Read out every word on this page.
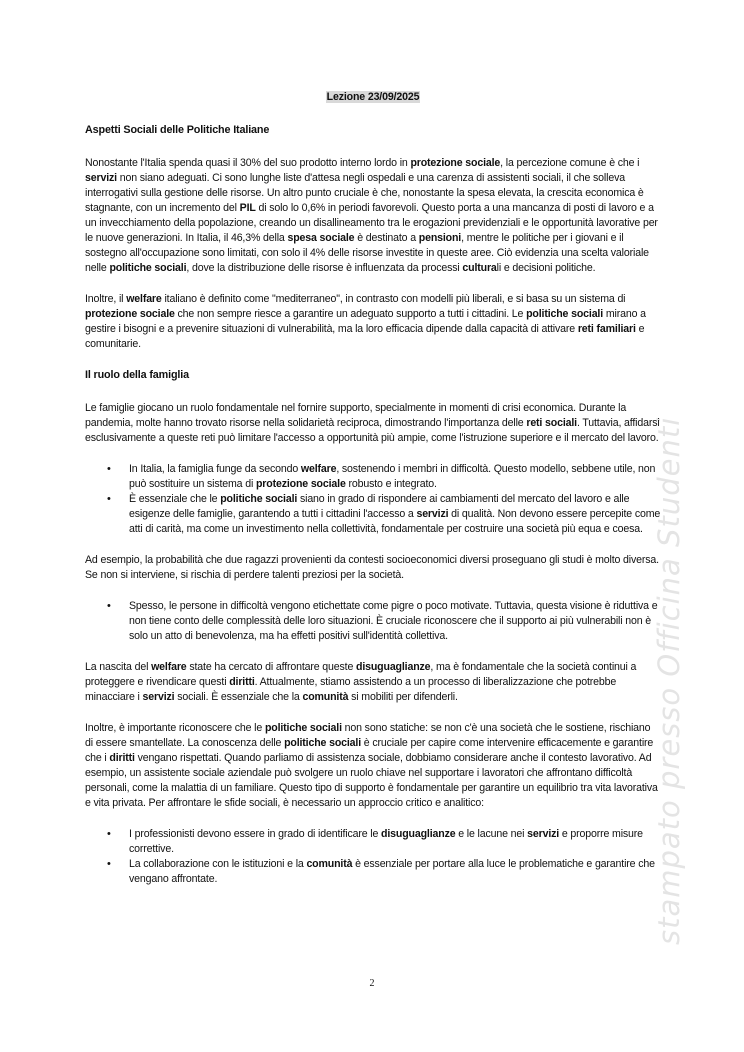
stampato presso Officina Studenti
Lezione 23/09/2025
Aspetti Sociali delle Politiche Italiane

Nonostante l'Italia spenda quasi il 30% del suo prodotto interno lordo in protezione sociale, la percezione comune è che i servizi non siano adeguati. Ci sono lunghe liste d'attesa negli ospedali e una carenza di assistenti sociali, il che solleva interrogativi sulla gestione delle risorse. Un altro punto cruciale è che, nonostante la spesa elevata, la crescita economica è stagnante, con un incremento del PIL di solo lo 0,6% in periodi favorevoli. Questo porta a una mancanza di posti di lavoro e a un invecchiamento della popolazione, creando un disallineamento tra le erogazioni previdenziali e le opportunità lavorative per le nuove generazioni. In Italia, il 46,3% della spesa sociale è destinato a pensioni, mentre le politiche per i giovani e il sostegno all'occupazione sono limitati, con solo il 4% delle risorse investite in queste aree. Ciò evidenzia una scelta valoriale nelle politiche sociali, dove la distribuzione delle risorse è influenzata da processi culturali e decisioni politiche.

Inoltre, il welfare italiano è definito come "mediterraneo", in contrasto con modelli più liberali, e si basa su un sistema di protezione sociale che non sempre riesce a garantire un adeguato supporto a tutti i cittadini. Le politiche sociali mirano a gestire i bisogni e a prevenire situazioni di vulnerabilità, ma la loro efficacia dipende dalla capacità di attivare reti familiari e comunitarie.

Il ruolo della famiglia

Le famiglie giocano un ruolo fondamentale nel fornire supporto, specialmente in momenti di crisi economica. Durante la pandemia, molte hanno trovato risorse nella solidarietà reciproca, dimostrando l'importanza delle reti sociali. Tuttavia, affidarsi esclusivamente a queste reti può limitare l'accesso a opportunità più ampie, come l'istruzione superiore e il mercato del lavoro.

• In Italia, la famiglia funge da secondo welfare, sostenendo i membri in difficoltà. Questo modello, sebbene utile, non può sostituire un sistema di protezione sociale robusto e integrato.
• È essenziale che le politiche sociali siano in grado di rispondere ai cambiamenti del mercato del lavoro e alle esigenze delle famiglie, garantendo a tutti i cittadini l'accesso a servizi di qualità. Non devono essere percepite come atti di carità, ma come un investimento nella collettività, fondamentale per costruire una società più equa e coesa.

Ad esempio, la probabilità che due ragazzi provenienti da contesti socioeconomici diversi proseguano gli studi è molto diversa. Se non si interviene, si rischia di perdere talenti preziosi per la società.

• Spesso, le persone in difficoltà vengono etichettate come pigre o poco motivate. Tuttavia, questa visione è riduttiva e non tiene conto delle complessità delle loro situazioni. È cruciale riconoscere che il supporto ai più vulnerabili non è solo un atto di benevolenza, ma ha effetti positivi sull'identità collettiva.

La nascita del welfare state ha cercato di affrontare queste disuguaglianze, ma è fondamentale che la società continui a proteggere e rivendicare questi diritti. Attualmente, stiamo assistendo a un processo di liberalizzazione che potrebbe minacciare i servizi sociali. È essenziale che la comunità si mobiliti per difenderli.

Inoltre, è importante riconoscere che le politiche sociali non sono statiche: se non c'è una società che le sostiene, rischiano di essere smantellate. La conoscenza delle politiche sociali è cruciale per capire come intervenire efficacemente e garantire che i diritti vengano rispettati. Quando parliamo di assistenza sociale, dobbiamo considerare anche il contesto lavorativo. Ad esempio, un assistente sociale aziendale può svolgere un ruolo chiave nel supportare i lavoratori che affrontano difficoltà personali, come la malattia di un familiare. Questo tipo di supporto è fondamentale per garantire un equilibrio tra vita lavorativa e vita privata. Per affrontare le sfide sociali, è necessario un approccio critico e analitico:

• I professionisti devono essere in grado di identificare le disuguaglianze e le lacune nei servizi e proporre misure correttive.
• La collaborazione con le istituzioni e la comunità è essenziale per portare alla luce le problematiche e garantire che vengano affrontate.
2
